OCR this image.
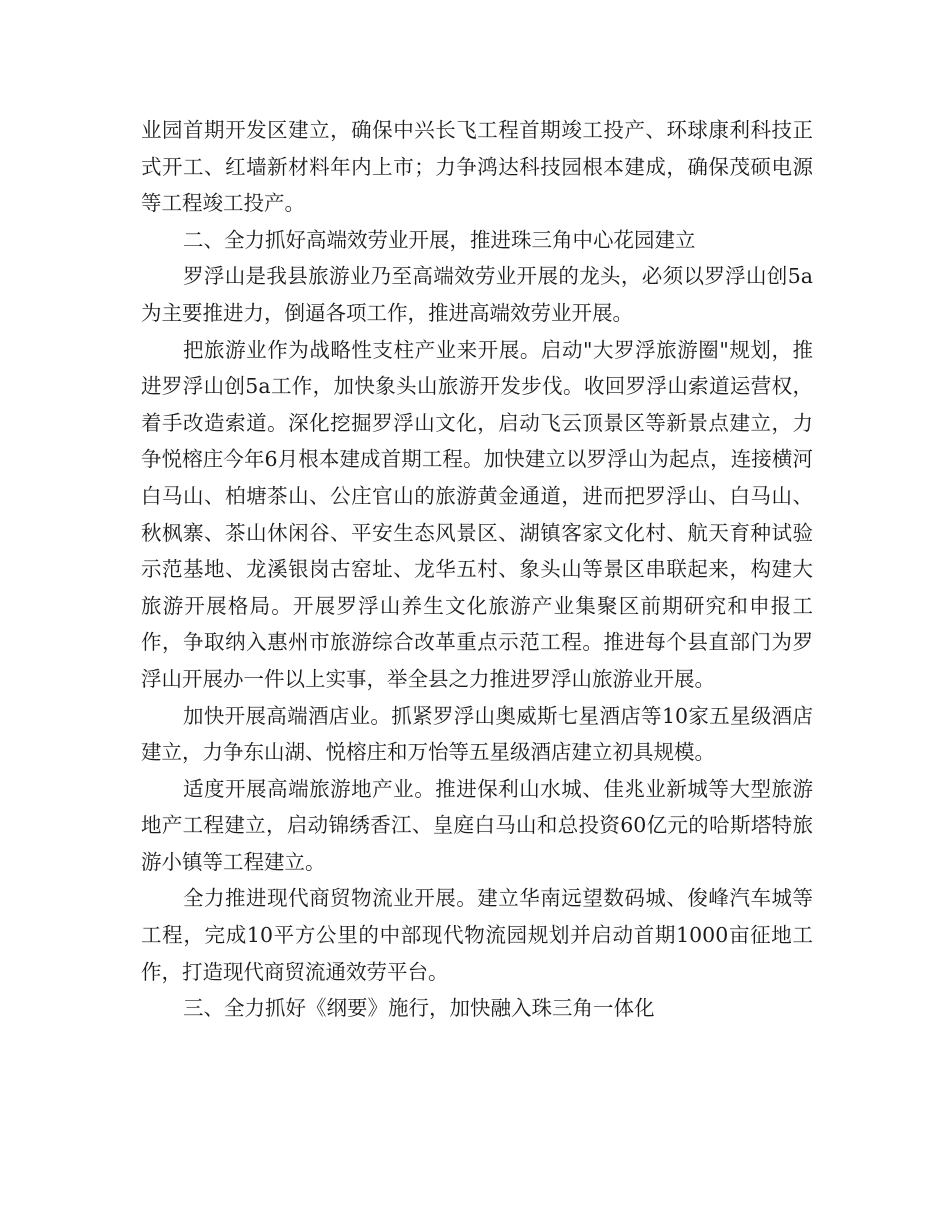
业园首期开发区建立，确保中兴长飞工程首期竣工投产、环球康利科技正式开工、红墙新材料年内上市；力争鸿达科技园根本建成，确保茂硕电源等工程竣工投产。

二、全力抓好高端效劳业开展，推进珠三角中心花园建立

罗浮山是我县旅游业乃至高端效劳业开展的龙头，必须以罗浮山创5a为主要推进力，倒逼各项工作，推进高端效劳业开展。

把旅游业作为战略性支柱产业来开展。启动"大罗浮旅游圈"规划，推进罗浮山创5a工作，加快象头山旅游开发步伐。收回罗浮山索道运营权，着手改造索道。深化挖掘罗浮山文化，启动飞云顶景区等新景点建立，力争悦榕庄今年6月根本建成首期工程。加快建立以罗浮山为起点，连接横河白马山、柏塘茶山、公庄官山的旅游黄金通道，进而把罗浮山、白马山、秋枫寨、茶山休闲谷、平安生态风景区、湖镇客家文化村、航天育种试验示范基地、龙溪银岗古窑址、龙华五村、象头山等景区串联起来，构建大旅游开展格局。开展罗浮山养生文化旅游产业集聚区前期研究和申报工作，争取纳入惠州市旅游综合改革重点示范工程。推进每个县直部门为罗浮山开展办一件以上实事，举全县之力推进罗浮山旅游业开展。

加快开展高端酒店业。抓紧罗浮山奥威斯七星酒店等10家五星级酒店建立，力争东山湖、悦榕庄和万怡等五星级酒店建立初具规模。

适度开展高端旅游地产业。推进保利山水城、佳兆业新城等大型旅游地产工程建立，启动锦绣香江、皇庭白马山和总投资60亿元的哈斯塔特旅游小镇等工程建立。

全力推进现代商贸物流业开展。建立华南远望数码城、俊峰汽车城等工程，完成10平方公里的中部现代物流园规划并启动首期1000亩征地工作，打造现代商贸流通效劳平台。

三、全力抓好《纲要》施行，加快融入珠三角一体化
